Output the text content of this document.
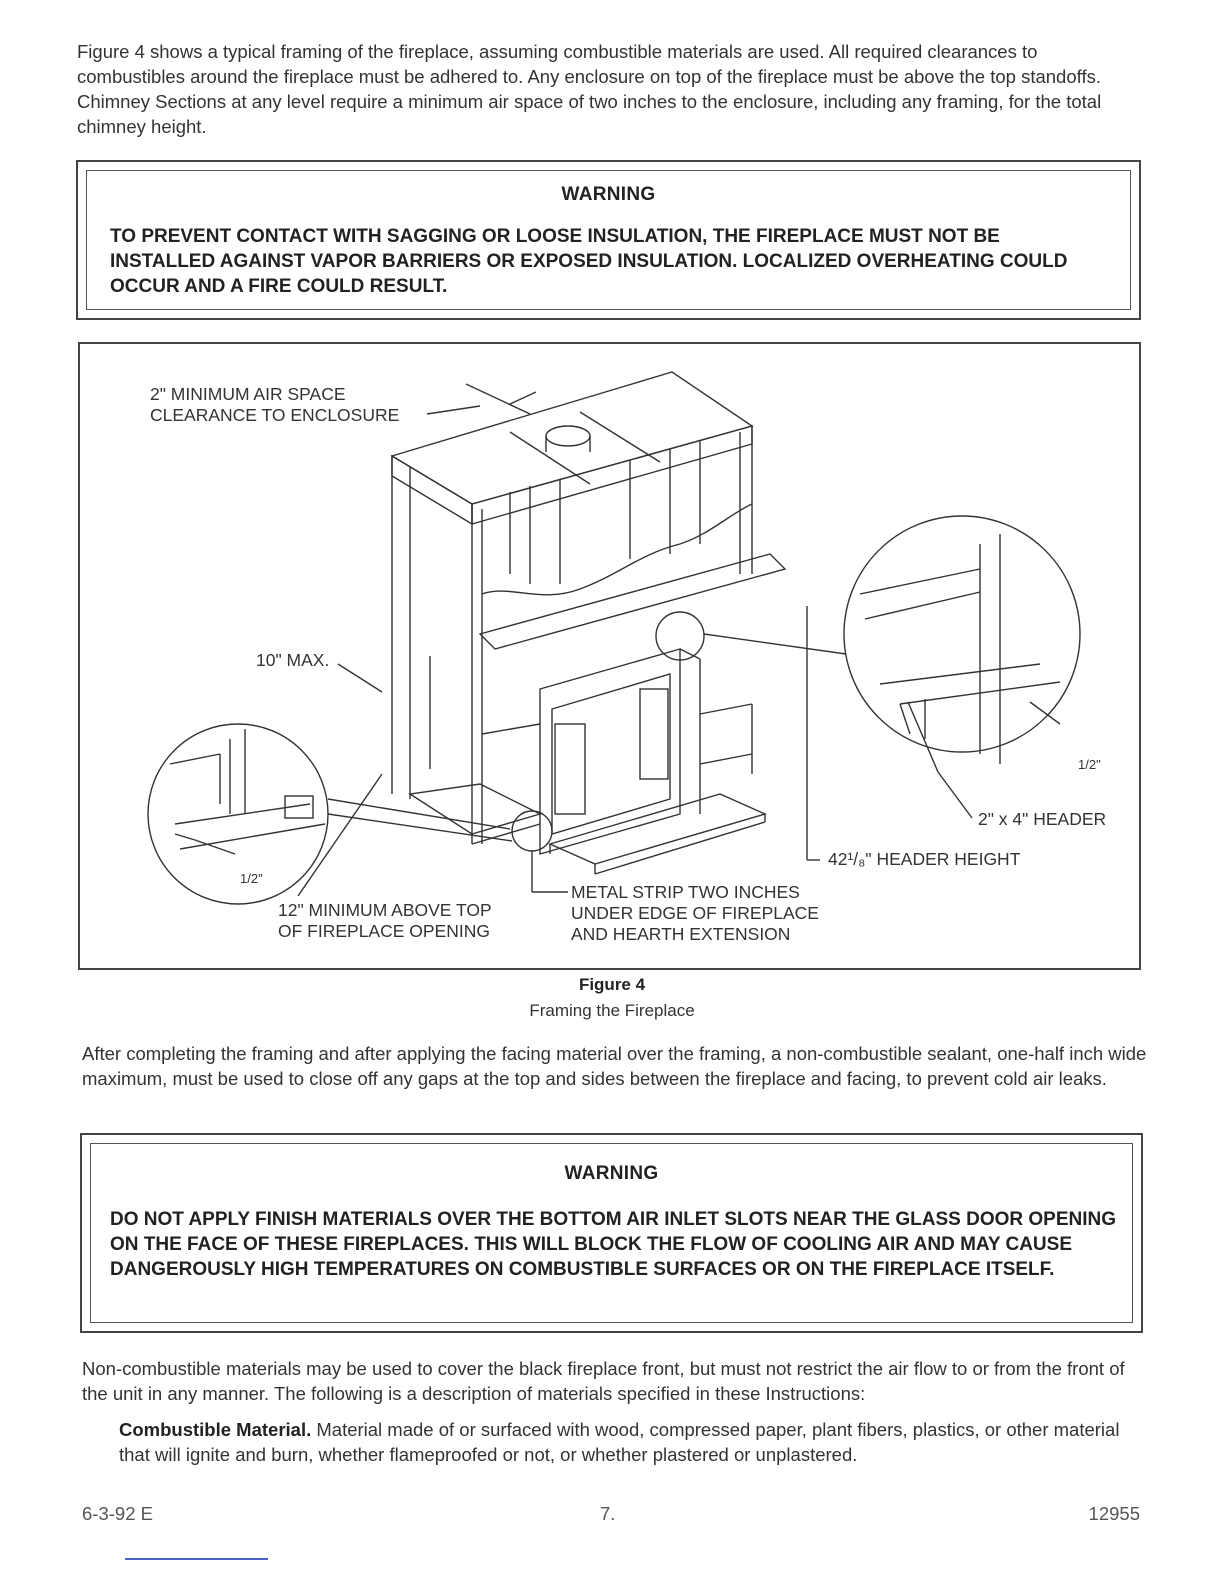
Figure 4 shows a typical framing of the fireplace, assuming combustible materials are used. All required clearances to combustibles around the fireplace must be adhered to. Any enclosure on top of the fireplace must be above the top standoffs. Chimney Sections at any level require a minimum air space of two inches to the enclosure, including any framing, for the total chimney height.

WARNING

TO PREVENT CONTACT WITH SAGGING OR LOOSE INSULATION, THE FIREPLACE MUST NOT BE INSTALLED AGAINST VAPOR BARRIERS OR EXPOSED INSULATION. LOCALIZED OVERHEATING COULD OCCUR AND A FIRE COULD RESULT.

2" MINIMUM AIR SPACE
CLEARANCE TO ENCLOSURE

10" MAX.

12" MINIMUM ABOVE TOP
OF FIREPLACE OPENING

METAL STRIP TWO INCHES
UNDER EDGE OF FIREPLACE
AND HEARTH EXTENSION

1/2"

1/2"

2" x 4" HEADER

42¹/₈" HEADER HEIGHT

Figure 4
Framing the Fireplace

After completing the framing and after applying the facing material over the framing, a non-combustible sealant, one-half inch wide maximum, must be used to close off any gaps at the top and sides between the fireplace and facing, to prevent cold air leaks.

WARNING

DO NOT APPLY FINISH MATERIALS OVER THE BOTTOM AIR INLET SLOTS NEAR THE GLASS DOOR OPENING ON THE FACE OF THESE FIREPLACES. THIS WILL BLOCK THE FLOW OF COOLING AIR AND MAY CAUSE DANGEROUSLY HIGH TEMPERATURES ON COMBUSTIBLE SURFACES OR ON THE FIREPLACE ITSELF.

Non-combustible materials may be used to cover the black fireplace front, but must not restrict the air flow to or from the front of the unit in any manner. The following is a description of materials specified in these Instructions:

Combustible Material. Material made of or surfaced with wood, compressed paper, plant fibers, plastics, or other material that will ignite and burn, whether flameproofed or not, or whether plastered or unplastered.

6-3-92 E	7.	12955
